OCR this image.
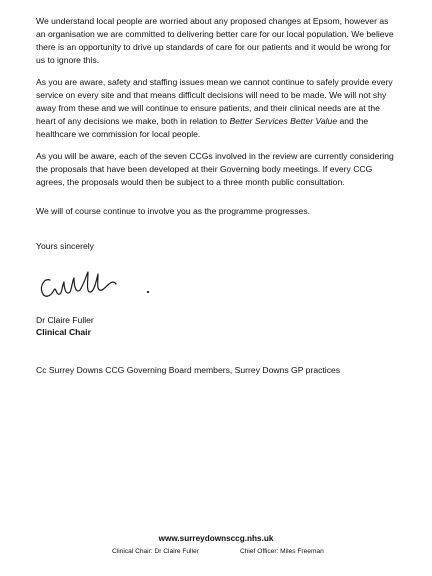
We understand local people are worried about any proposed changes at Epsom, however as an organisation we are committed to delivering better care for our local population. We believe there is an opportunity to drive up standards of care for our patients and it would be wrong for us to ignore this.

As you are aware, safety and staffing issues mean we cannot continue to safely provide every service on every site and that means difficult decisions will need to be made. We will not shy away from these and we will continue to ensure patients, and their clinical needs are at the heart of any decisions we make, both in relation to Better Services Better Value and the healthcare we commission for local people.

As you will be aware, each of the seven CCGs involved in the review are currently considering the proposals that have been developed at their Governing body meetings. If every CCG agrees, the proposals would then be subject to a three month public consultation.

We will of course continue to involve you as the programme progresses.

Yours sincerely

Dr Claire Fuller

Clinical Chair

Cc Surrey Downs CCG Governing Board members, Surrey Downs GP practices

www.surreydownsccg.nhs.uk

Clinical Chair: Dr Claire Fuller	Chief Officer: Miles Freeman
